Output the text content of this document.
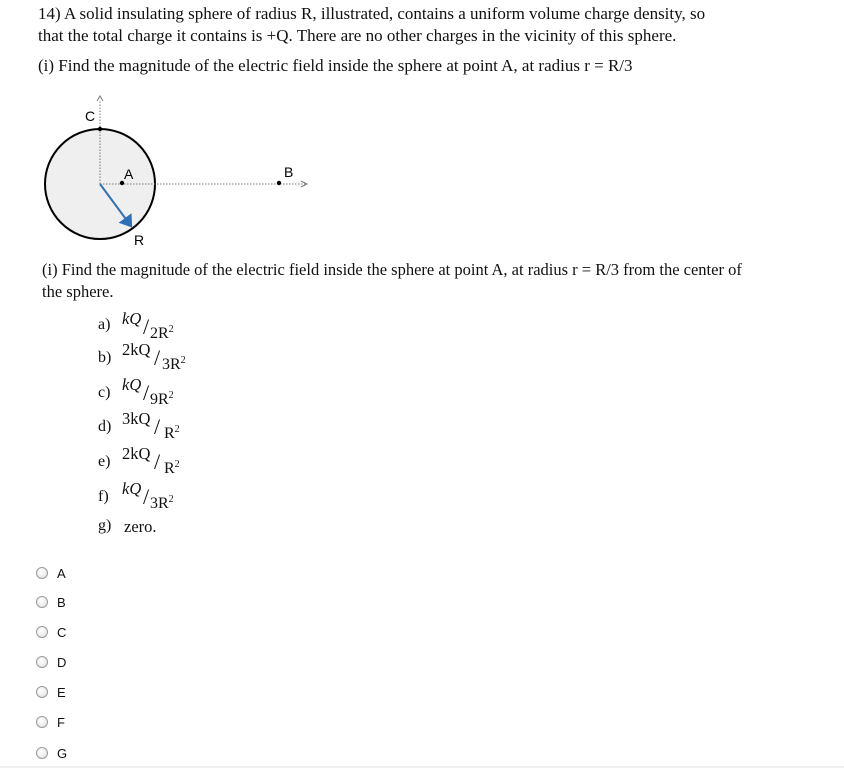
14) A solid insulating sphere of radius R, illustrated, contains a uniform volume charge density, so that the total charge it contains is +Q. There are no other charges in the vicinity of this sphere.
(i) Find the magnitude of the electric field inside the sphere at point A, at radius r = R/3
C
A	B
R
(i) Find the magnitude of the electric field inside the sphere at point A, at radius r = R/3 from the center of the sphere.
a) kQ / $2R^2$
b) $2kQ / 3R^2$
c) kQ / $9R^2$
d) $3kQ / R^2$
e) $2kQ / R^2$
f) kQ / $3R^2$
g) zero.
A
B
C
D
E
F
G
